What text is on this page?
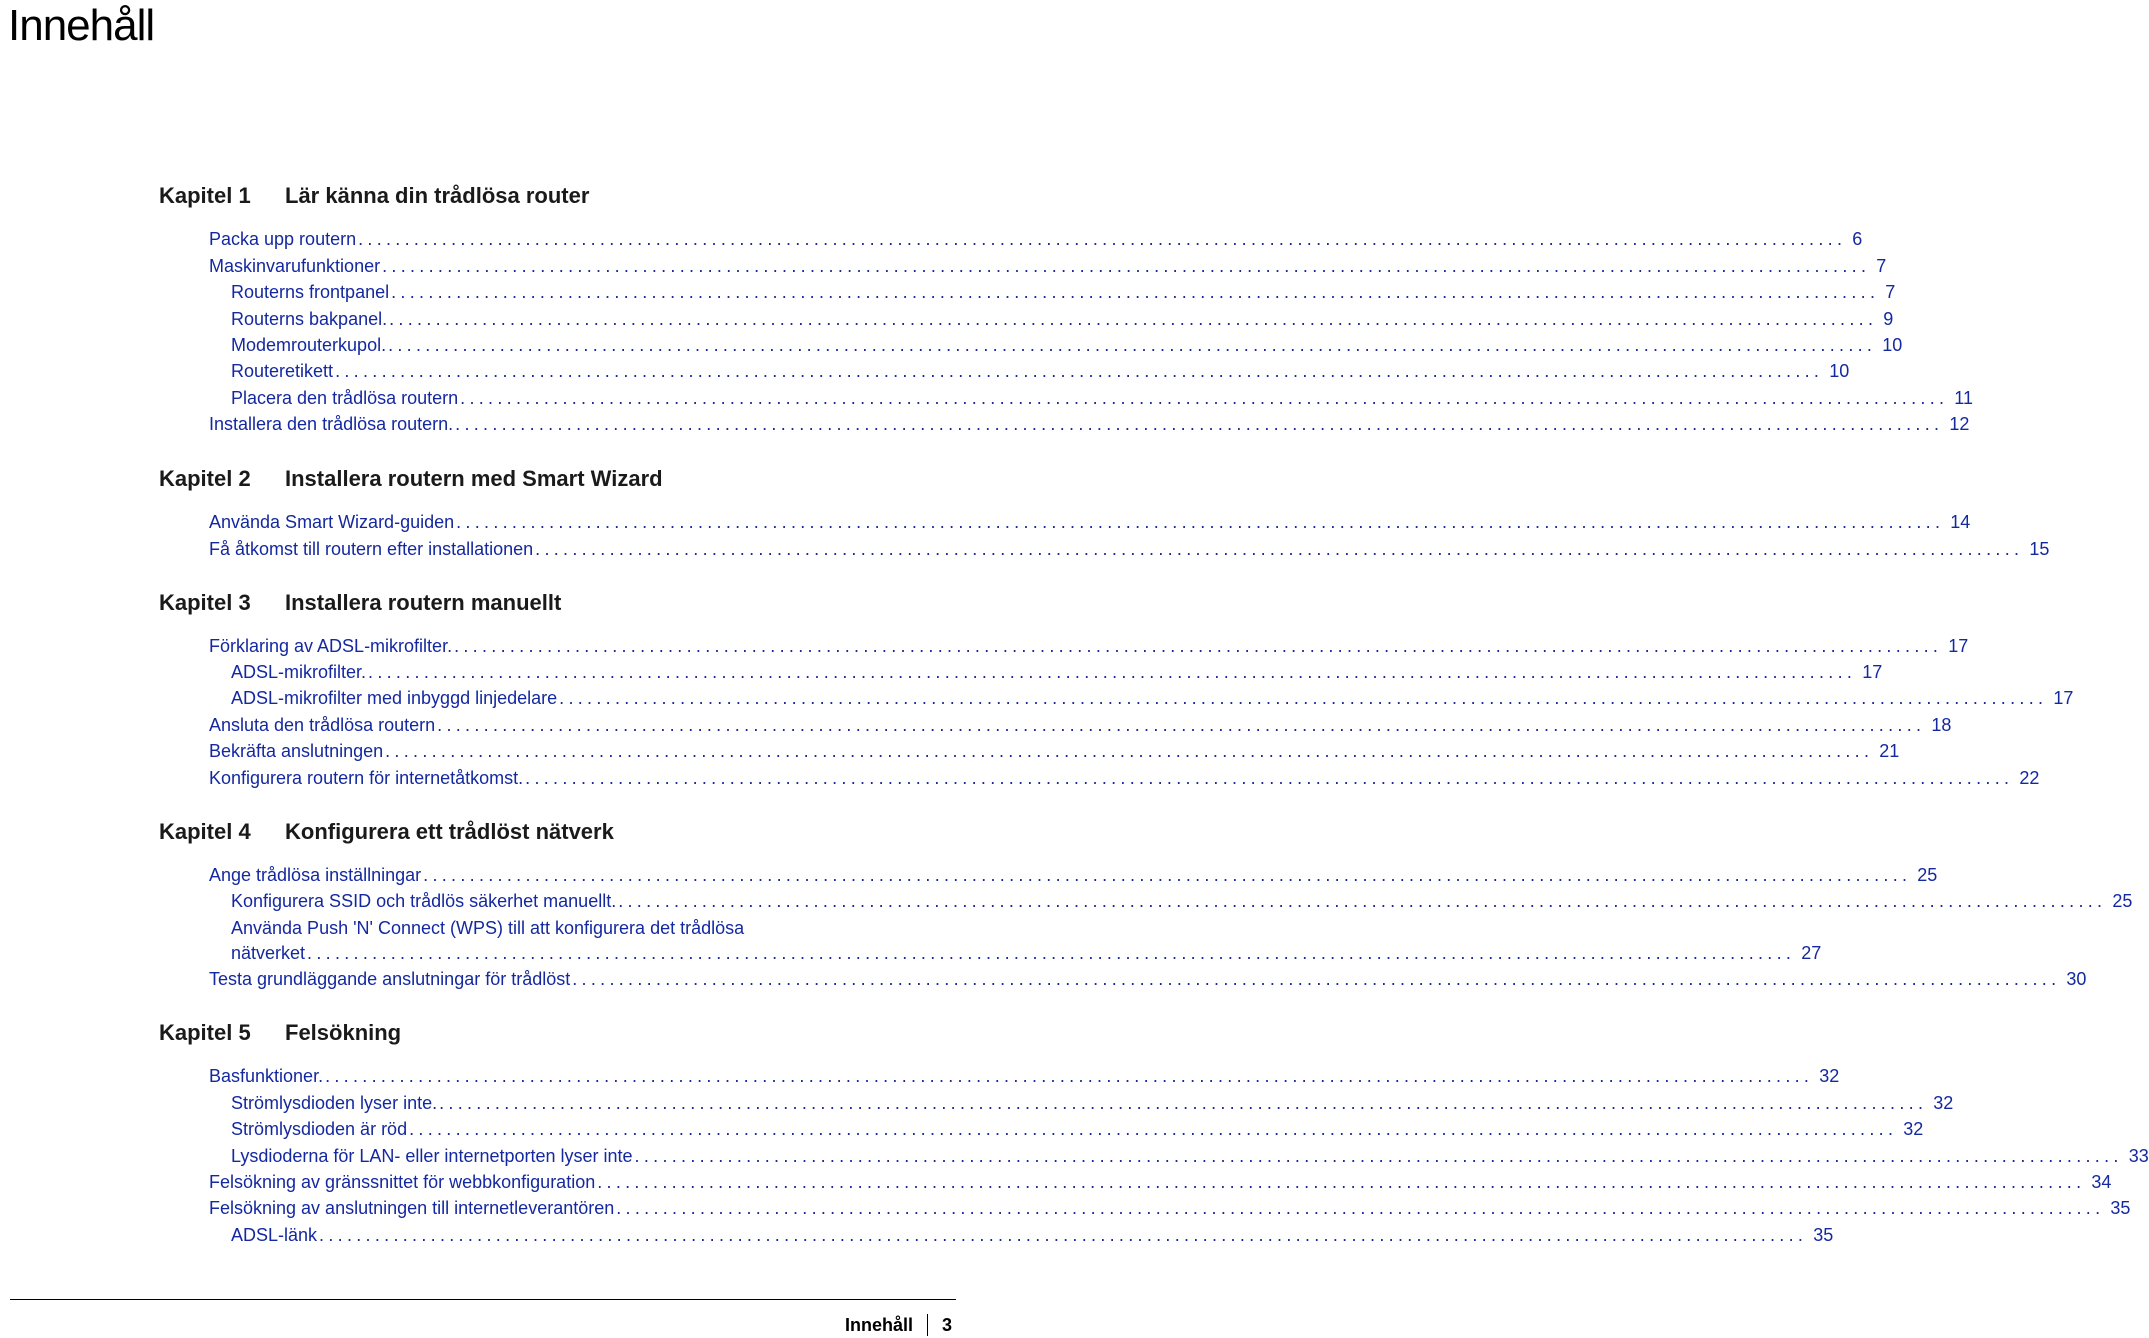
Innehåll
Kapitel 1 Lär känna din trådlösa router
Packa upp routern ................................................................................................................................................................ 6
Maskinvarufunktioner ................................................................................................................................................................ 7
Routerns frontpanel ................................................................................................................................................................ 7
Routerns bakpanel. ................................................................................................................................................................ 9
Modemrouterkupol. ................................................................................................................................................................ 10
Routeretikett ................................................................................................................................................................ 10
Placera den trådlösa routern ................................................................................................................................................................ 11
Installera den trådlösa routern. ................................................................................................................................................................ 12
Kapitel 2 Installera routern med Smart Wizard
Använda Smart Wizard-guiden ................................................................................................................................................................ 14
Få åtkomst till routern efter installationen ................................................................................................................................................................ 15
Kapitel 3 Installera routern manuellt
Förklaring av ADSL-mikrofilter. ................................................................................................................................................................ 17
ADSL-mikrofilter. ................................................................................................................................................................ 17
ADSL-mikrofilter med inbyggd linjedelare ................................................................................................................................................................ 17
Ansluta den trådlösa routern ................................................................................................................................................................ 18
Bekräfta anslutningen ................................................................................................................................................................ 21
Konfigurera routern för internetåtkomst. ................................................................................................................................................................ 22
Kapitel 4 Konfigurera ett trådlöst nätverk
Ange trådlösa inställningar ................................................................................................................................................................ 25
Konfigurera SSID och trådlös säkerhet manuellt. ................................................................................................................................................................ 25
Använda Push 'N' Connect (WPS) till att konfigurera det trådlösa
nätverket ................................................................................................................................................................ 27
Testa grundläggande anslutningar för trådlöst ................................................................................................................................................................ 30
Kapitel 5 Felsökning
Basfunktioner. ................................................................................................................................................................ 32
Strömlysdioden lyser inte. ................................................................................................................................................................ 32
Strömlysdioden är röd ................................................................................................................................................................ 32
Lysdioderna för LAN- eller internetporten lyser inte ................................................................................................................................................................ 33
Felsökning av gränssnittet för webbkonfiguration ................................................................................................................................................................ 34
Felsökning av anslutningen till internetleverantören ................................................................................................................................................................ 35
ADSL-länk ................................................................................................................................................................ 35
Innehåll 3
